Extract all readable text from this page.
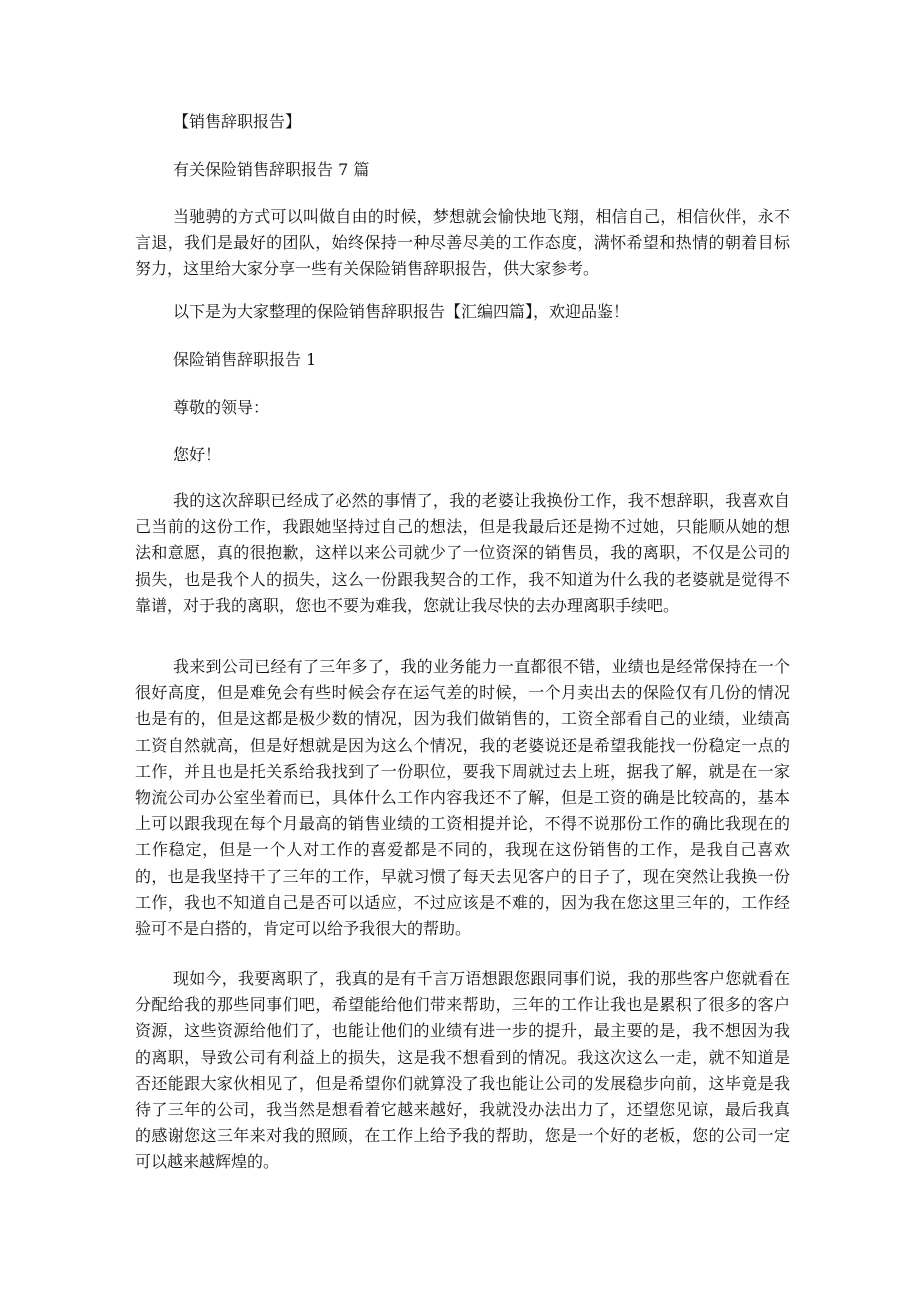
【销售辞职报告】
有关保险销售辞职报告 7 篇
当驰骋的方式可以叫做自由的时候，梦想就会愉快地飞翔，相信自己，相信伙伴，永不言退，我们是最好的团队，始终保持一种尽善尽美的工作态度，满怀希望和热情的朝着目标努力，这里给大家分享一些有关保险销售辞职报告，供大家参考。
以下是为大家整理的保险销售辞职报告【汇编四篇】，欢迎品鉴！
保险销售辞职报告 1
尊敬的领导：
您好！
我的这次辞职已经成了必然的事情了，我的老婆让我换份工作，我不想辞职，我喜欢自己当前的这份工作，我跟她坚持过自己的想法，但是我最后还是拗不过她，只能顺从她的想法和意愿，真的很抱歉，这样以来公司就少了一位资深的销售员，我的离职，不仅是公司的损失，也是我个人的损失，这么一份跟我契合的工作，我不知道为什么我的老婆就是觉得不靠谱，对于我的离职，您也不要为难我，您就让我尽快的去办理离职手续吧。
我来到公司已经有了三年多了，我的业务能力一直都很不错，业绩也是经常保持在一个很好高度，但是难免会有些时候会存在运气差的时候，一个月卖出去的保险仅有几份的情况也是有的，但是这都是极少数的情况，因为我们做销售的，工资全部看自己的业绩，业绩高工资自然就高，但是好想就是因为这么个情况，我的老婆说还是希望我能找一份稳定一点的工作，并且也是托关系给我找到了一份职位，要我下周就过去上班，据我了解，就是在一家物流公司办公室坐着而已，具体什么工作内容我还不了解，但是工资的确是比较高的，基本上可以跟我现在每个月最高的销售业绩的工资相提并论，不得不说那份工作的确比我现在的工作稳定，但是一个人对工作的喜爱都是不同的，我现在这份销售的工作，是我自己喜欢的，也是我坚持干了三年的工作，早就习惯了每天去见客户的日子了，现在突然让我换一份工作，我也不知道自己是否可以适应，不过应该是不难的，因为我在您这里三年的，工作经验可不是白搭的，肯定可以给予我很大的帮助。
现如今，我要离职了，我真的是有千言万语想跟您跟同事们说，我的那些客户您就看在分配给我的那些同事们吧，希望能给他们带来帮助，三年的工作让我也是累积了很多的客户资源，这些资源给他们了，也能让他们的业绩有进一步的提升，最主要的是，我不想因为我的离职，导致公司有利益上的损失，这是我不想看到的情况。我这次这么一走，就不知道是否还能跟大家伙相见了，但是希望你们就算没了我也能让公司的发展稳步向前，这毕竟是我待了三年的公司，我当然是想看着它越来越好，我就没办法出力了，还望您见谅，最后我真的感谢您这三年来对我的照顾，在工作上给予我的帮助，您是一个好的老板，您的公司一定可以越来越辉煌的。
